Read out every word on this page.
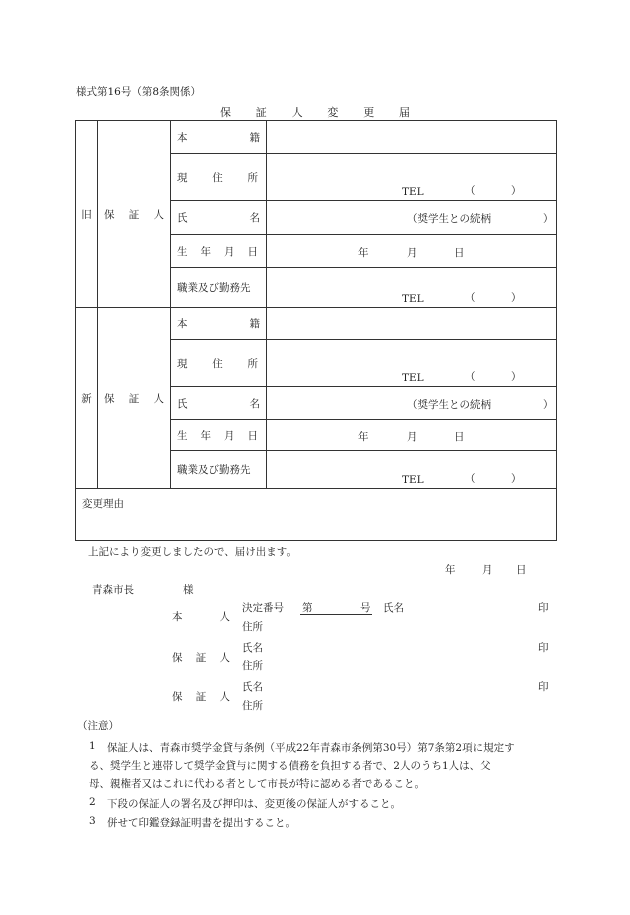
様式第16号（第8条関係）
保 証 人 変 更 届
旧	保 証 人	本 籍	

		現 住 所	TEL （ ）

		氏 名	（奨学生との続柄 ）

		生 年 月 日	年 月 日

		職業及び勤務先	TEL （ ）

新	保 証 人	本 籍	

		現 住 所	TEL （ ）

		氏 名	（奨学生との続柄 ）

		生 年 月 日	年 月 日

		職業及び勤務先	TEL （ ）

変更理由			
上記により変更しましたので、届け出ます。
年	月 日
青森市長	様
本	人
決定番号 第	号 氏名	印
住所
保 証 人
氏名	印
住所
保 証 人
氏名	印
住所
（注意）
1 保証人は、青森市奨学金貸与条例（平成22年青森市条例第30号）第7条第2項に規定す
る、奨学生と連帯して奨学金貸与に関する債務を負担する者で、2人のうち1人は、父
母、親権者又はこれに代わる者として市長が特に認める者であること。
2 下段の保証人の署名及び押印は、変更後の保証人がすること。
3 併せて印鑑登録証明書を提出すること。
